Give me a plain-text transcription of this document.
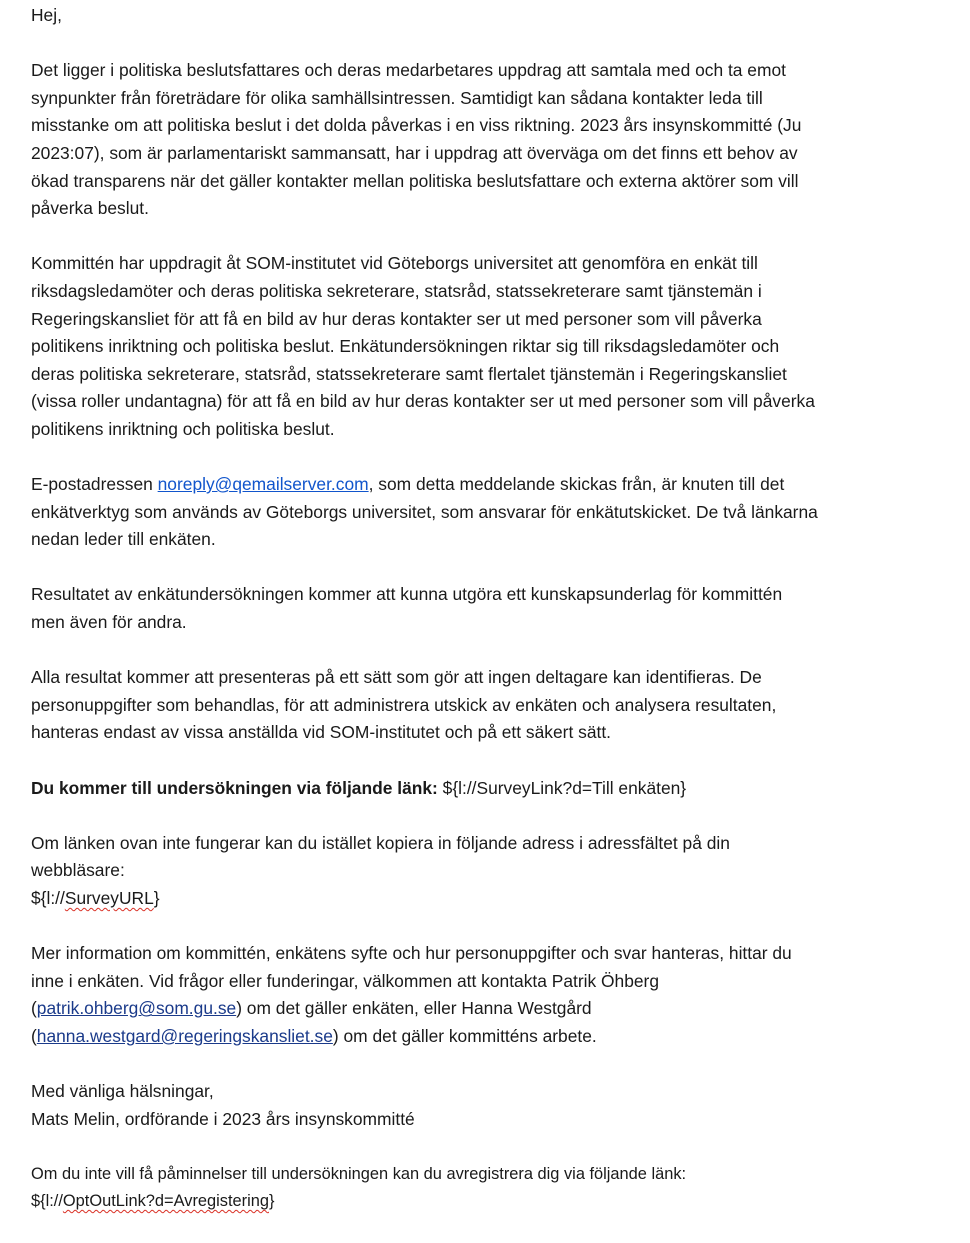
Hej,

Det ligger i politiska beslutsfattares och deras medarbetares uppdrag att samtala med och ta emot
synpunkter från företrädare för olika samhällsintressen. Samtidigt kan sådana kontakter leda till
misstanke om att politiska beslut i det dolda påverkas i en viss riktning. 2023 års insynskommitté (Ju
2023:07), som är parlamentariskt sammansatt, har i uppdrag att överväga om det finns ett behov av
ökad transparens när det gäller kontakter mellan politiska beslutsfattare och externa aktörer som vill
påverka beslut.

Kommittén har uppdragit åt SOM-institutet vid Göteborgs universitet att genomföra en enkät till
riksdagsledamöter och deras politiska sekreterare, statsråd, statssekreterare samt tjänstemän i
Regeringskansliet för att få en bild av hur deras kontakter ser ut med personer som vill påverka
politikens inriktning och politiska beslut. Enkätundersökningen riktar sig till riksdagsledamöter och
deras politiska sekreterare, statsråd, statssekreterare samt flertalet tjänstemän i Regeringskansliet
(vissa roller undantagna) för att få en bild av hur deras kontakter ser ut med personer som vill påverka
politikens inriktning och politiska beslut.

E-postadressen noreply@qemailserver.com, som detta meddelande skickas från, är knuten till det
enkätverktyg som används av Göteborgs universitet, som ansvarar för enkätutskicket. De två länkarna
nedan leder till enkäten.

Resultatet av enkätundersökningen kommer att kunna utgöra ett kunskapsunderlag för kommittén
men även för andra.

Alla resultat kommer att presenteras på ett sätt som gör att ingen deltagare kan identifieras. De
personuppgifter som behandlas, för att administrera utskick av enkäten och analysera resultaten,
hanteras endast av vissa anställda vid SOM-institutet och på ett säkert sätt.

Du kommer till undersökningen via följande länk: ${l://SurveyLink?d=Till enkäten}

Om länken ovan inte fungerar kan du istället kopiera in följande adress i adressfältet på din
webbläsare:
${l://SurveyURL}

Mer information om kommittén, enkätens syfte och hur personuppgifter och svar hanteras, hittar du
inne i enkäten. Vid frågor eller funderingar, välkommen att kontakta Patrik Öhberg
(patrik.ohberg@som.gu.se) om det gäller enkäten, eller Hanna Westgård
(hanna.westgard@regeringskansliet.se) om det gäller kommitténs arbete.

Med vänliga hälsningar,
Mats Melin, ordförande i 2023 års insynskommitté

Om du inte vill få påminnelser till undersökningen kan du avregistrera dig via följande länk:
${l://OptOutLink?d=Avregistering}
